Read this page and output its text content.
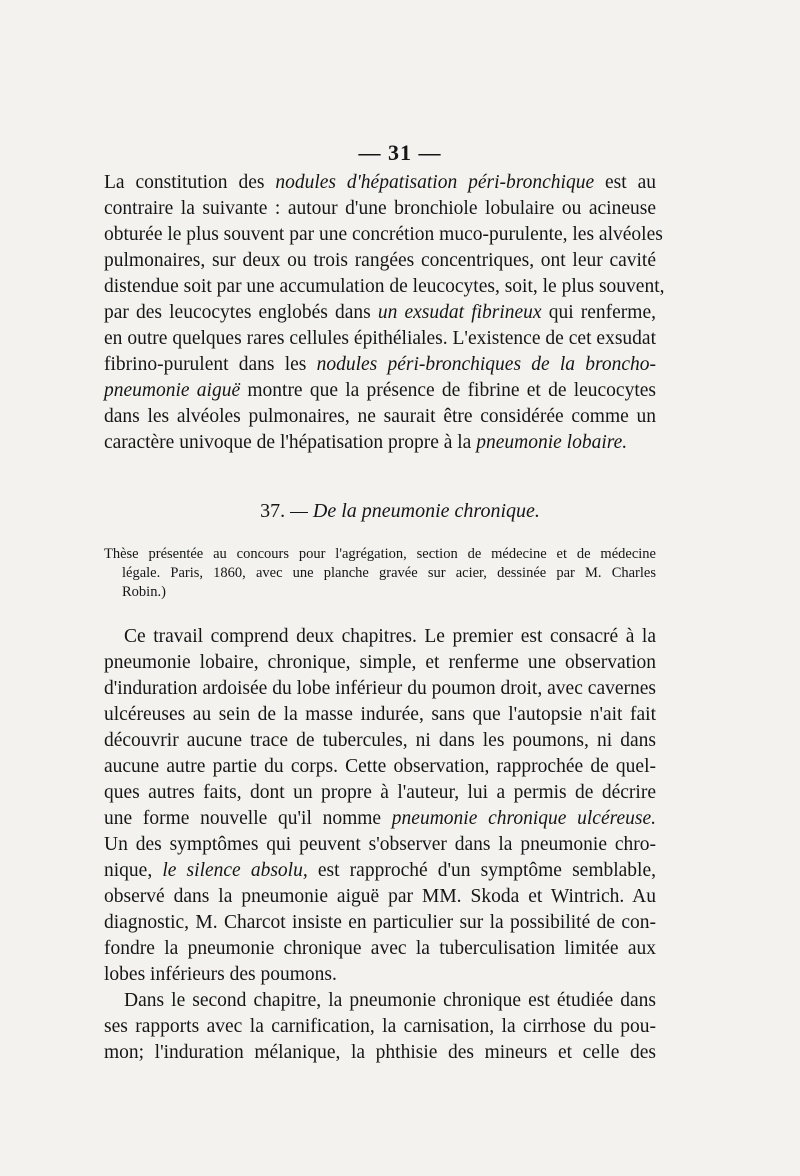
— 31 —
La constitution des nodules d'hépatisation péri-bronchique est au
contraire la suivante : autour d'une bronchiole lobulaire ou acineuse
obturée le plus souvent par une concrétion muco-purulente, les alvéoles
pulmonaires, sur deux ou trois rangées concentriques, ont leur cavité
distendue soit par une accumulation de leucocytes, soit, le plus souvent,
par des leucocytes englobés dans un exsudat fibrineux qui renferme,
en outre quelques rares cellules épithéliales. L'existence de cet exsudat
fibrino-purulent dans les nodules péri-bronchiques de la broncho-
pneumonie aiguë montre que la présence de fibrine et de leucocytes
dans les alvéoles pulmonaires, ne saurait être considérée comme un
caractère univoque de l'hépatisation propre à la pneumonie lobaire.
37. — De la pneumonie chronique.
Thèse présentée au concours pour l'agrégation, section de médecine et de médecine
légale. Paris, 1860, avec une planche gravée sur acier, dessinée par M. Charles
Robin.)
Ce travail comprend deux chapitres. Le premier est consacré à la
pneumonie lobaire, chronique, simple, et renferme une observation
d'induration ardoisée du lobe inférieur du poumon droit, avec cavernes
ulcéreuses au sein de la masse indurée, sans que l'autopsie n'ait fait
découvrir aucune trace de tubercules, ni dans les poumons, ni dans
aucune autre partie du corps. Cette observation, rapprochée de quel-
ques autres faits, dont un propre à l'auteur, lui a permis de décrire
une forme nouvelle qu'il nomme pneumonie chronique ulcéreuse.
Un des symptômes qui peuvent s'observer dans la pneumonie chro-
nique, le silence absolu, est rapproché d'un symptôme semblable,
observé dans la pneumonie aiguë par MM. Skoda et Wintrich. Au
diagnostic, M. Charcot insiste en particulier sur la possibilité de con-
fondre la pneumonie chronique avec la tuberculisation limitée aux
lobes inférieurs des poumons.
Dans le second chapitre, la pneumonie chronique est étudiée dans
ses rapports avec la carnification, la carnisation, la cirrhose du pou-
mon; l'induration mélanique, la phthisie des mineurs et celle des
